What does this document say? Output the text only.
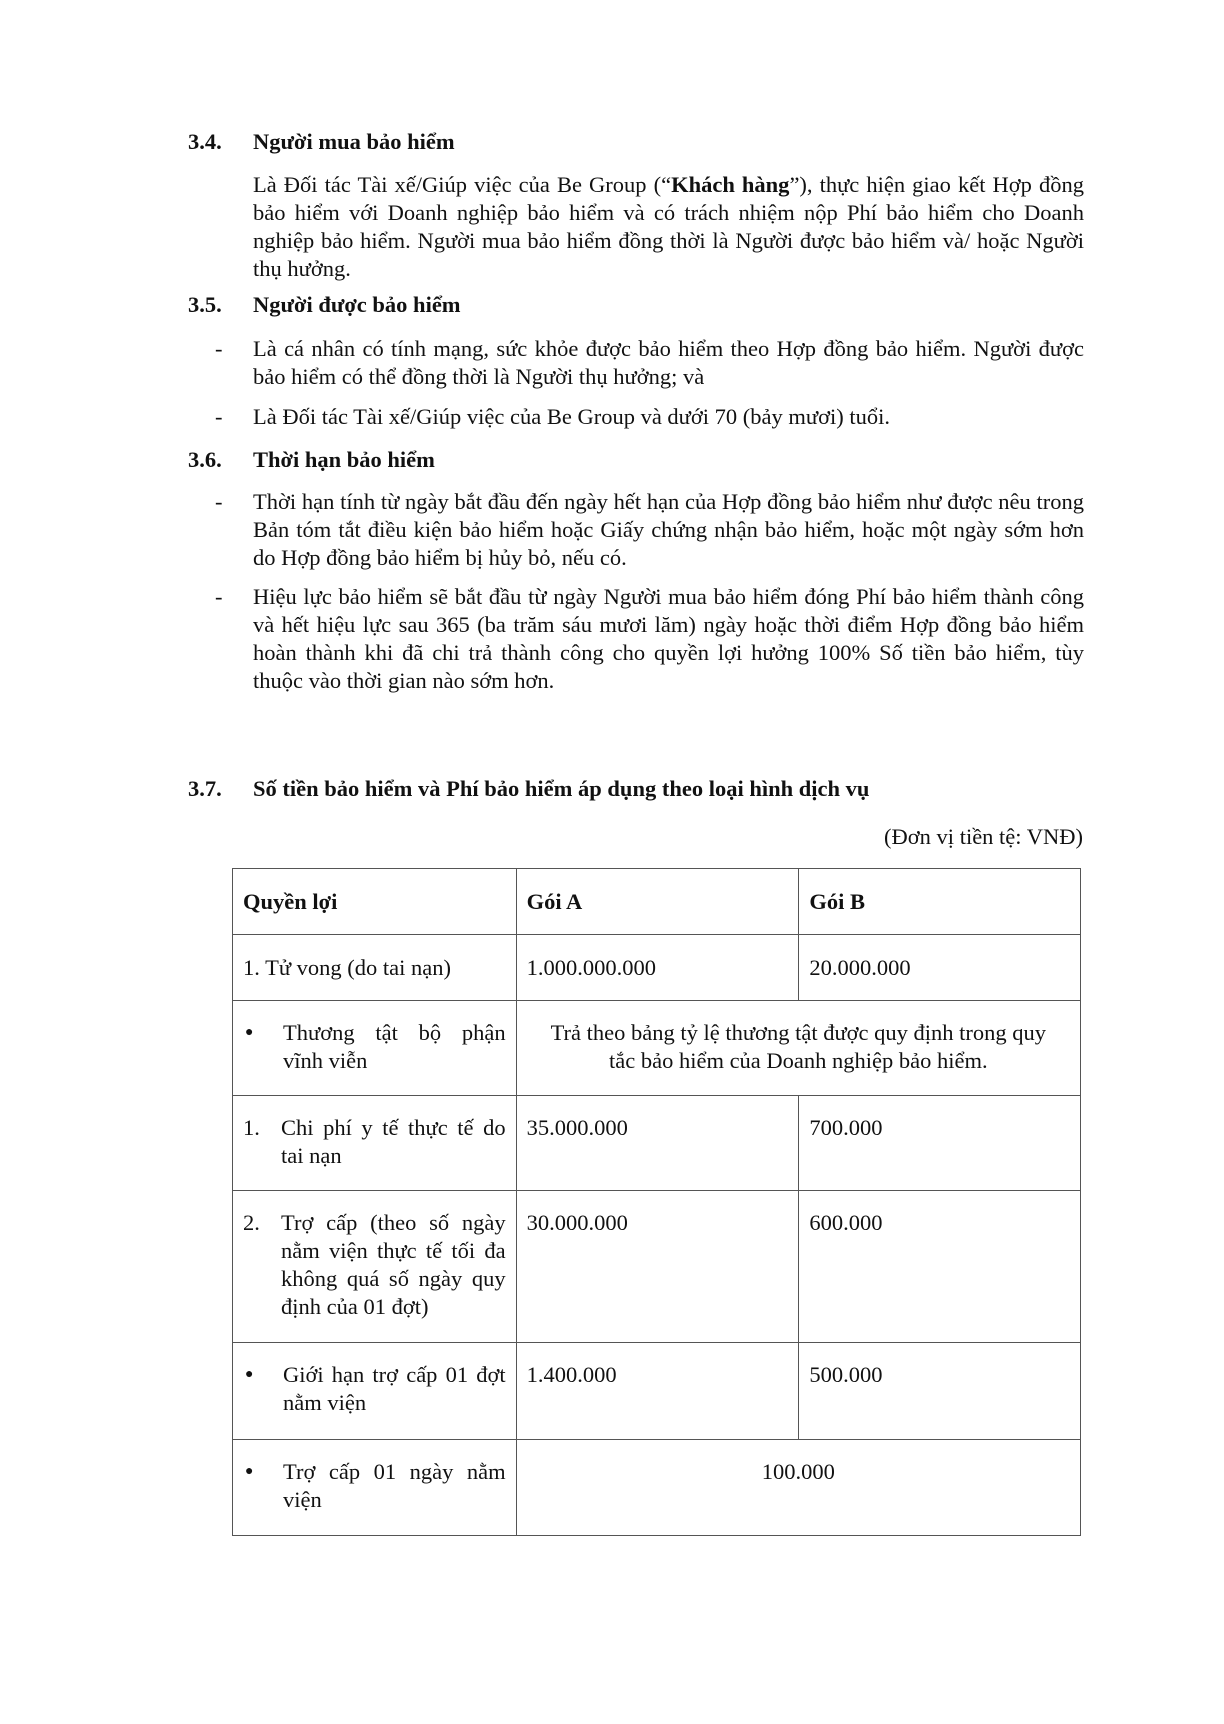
3.4.	Người mua bảo hiểm
Là Đối tác Tài xế/Giúp việc của Be Group (“Khách hàng”), thực hiện giao kết Hợp đồng bảo hiểm với Doanh nghiệp bảo hiểm và có trách nhiệm nộp Phí bảo hiểm cho Doanh nghiệp bảo hiểm. Người mua bảo hiểm đồng thời là Người được bảo hiểm và/ hoặc Người thụ hưởng.
3.5.	Người được bảo hiểm
- Là cá nhân có tính mạng, sức khỏe được bảo hiểm theo Hợp đồng bảo hiểm. Người được bảo hiểm có thể đồng thời là Người thụ hưởng; và
- Là Đối tác Tài xế/Giúp việc của Be Group và dưới 70 (bảy mươi) tuổi.
3.6.	Thời hạn bảo hiểm
- Thời hạn tính từ ngày bắt đầu đến ngày hết hạn của Hợp đồng bảo hiểm như được nêu trong Bản tóm tắt điều kiện bảo hiểm hoặc Giấy chứng nhận bảo hiểm, hoặc một ngày sớm hơn do Hợp đồng bảo hiểm bị hủy bỏ, nếu có.
- Hiệu lực bảo hiểm sẽ bắt đầu từ ngày Người mua bảo hiểm đóng Phí bảo hiểm thành công và hết hiệu lực sau 365 (ba trăm sáu mươi lăm) ngày hoặc thời điểm Hợp đồng bảo hiểm hoàn thành khi đã chi trả thành công cho quyền lợi hưởng 100% Số tiền bảo hiểm, tùy thuộc vào thời gian nào sớm hơn.
3.7.	Số tiền bảo hiểm và Phí bảo hiểm áp dụng theo loại hình dịch vụ
(Đơn vị tiền tệ: VNĐ)
Quyền lợi	Gói A	Gói B
1. Tử vong (do tai nạn)	1.000.000.000	20.000.000

● Thương tật bộ phận vĩnh viễn	Trả theo bảng tỷ lệ thương tật được quy định trong quy tắc bảo hiểm của Doanh nghiệp bảo hiểm.	

1. Chi phí y tế thực tế do tai nạn	35.000.000	700.000

2. Trợ cấp (theo số ngày nằm viện thực tế tối đa không quá số ngày quy định của 01 đợt)	30.000.000	600.000

● Giới hạn trợ cấp 01 đợt nằm viện	1.400.000	500.000

● Trợ cấp 01 ngày nằm viện	100.000	
